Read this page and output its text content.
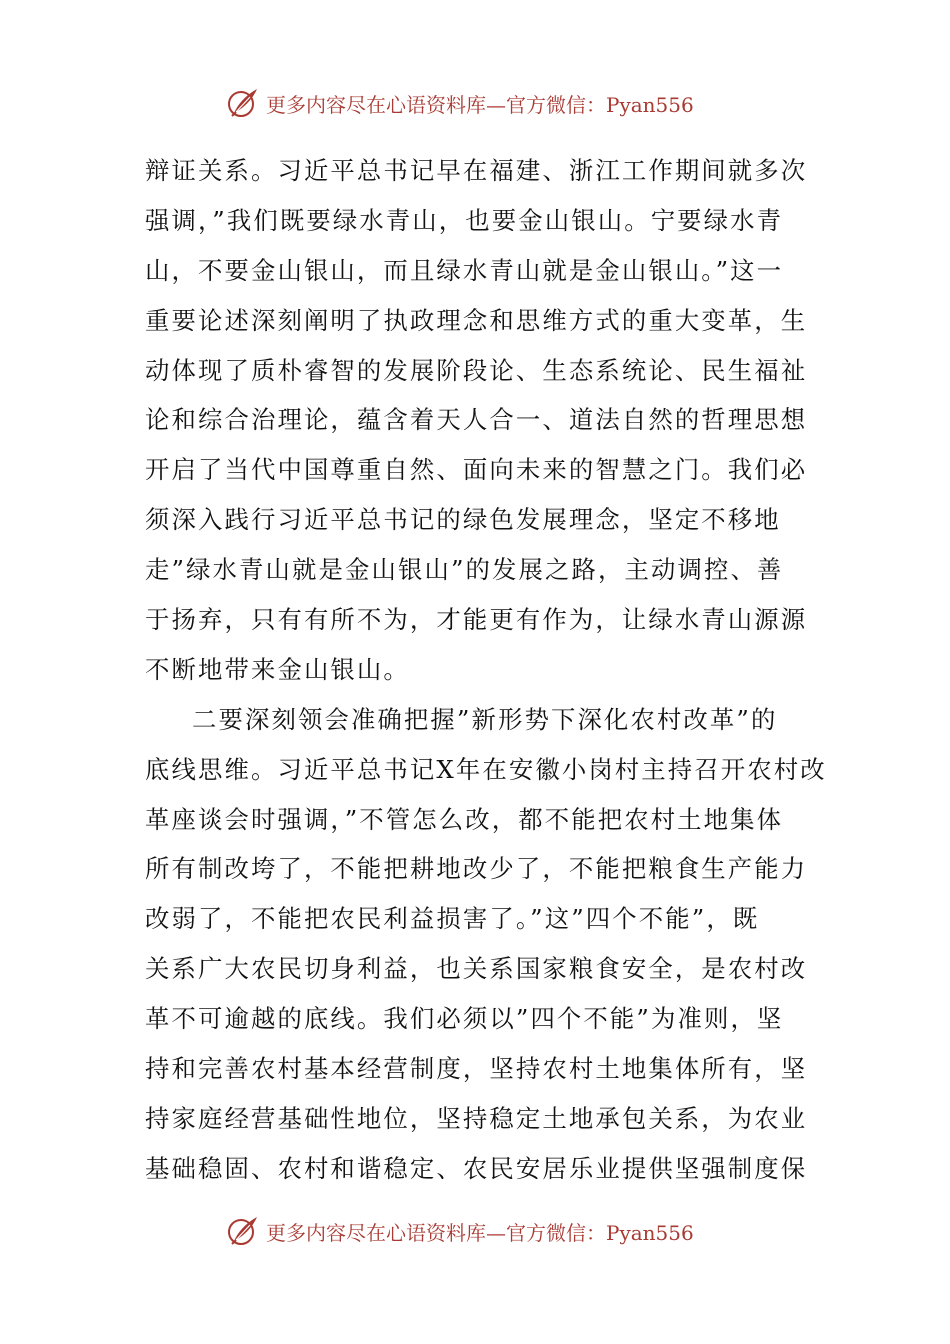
更多内容尽在心语资料库—官方微信：Pyan556
辩证关系。习近平总书记早在福建、浙江工作期间就多次
强调，”我们既要绿水青山，也要金山银山。宁要绿水青
山，不要金山银山，而且绿水青山就是金山银山。”这一
重要论述深刻阐明了执政理念和思维方式的重大变革，生
动体现了质朴睿智的发展阶段论、生态系统论、民生福祉
论和综合治理论，蕴含着天人合一、道法自然的哲理思想
开启了当代中国尊重自然、面向未来的智慧之门。我们必
须深入践行习近平总书记的绿色发展理念，坚定不移地
走”绿水青山就是金山银山”的发展之路，主动调控、善
于扬弃，只有有所不为，才能更有作为，让绿水青山源源
不断地带来金山银山。
二要深刻领会准确把握”新形势下深化农村改革”的
底线思维。习近平总书记X年在安徽小岗村主持召开农村改
革座谈会时强调，”不管怎么改，都不能把农村土地集体
所有制改垮了，不能把耕地改少了，不能把粮食生产能力
改弱了，不能把农民利益损害了。”这”四个不能”，既
关系广大农民切身利益，也关系国家粮食安全，是农村改
革不可逾越的底线。我们必须以”四个不能”为准则，坚
持和完善农村基本经营制度，坚持农村土地集体所有，坚
持家庭经营基础性地位，坚持稳定土地承包关系，为农业
基础稳固、农村和谐稳定、农民安居乐业提供坚强制度保
更多内容尽在心语资料库—官方微信：Pyan556
